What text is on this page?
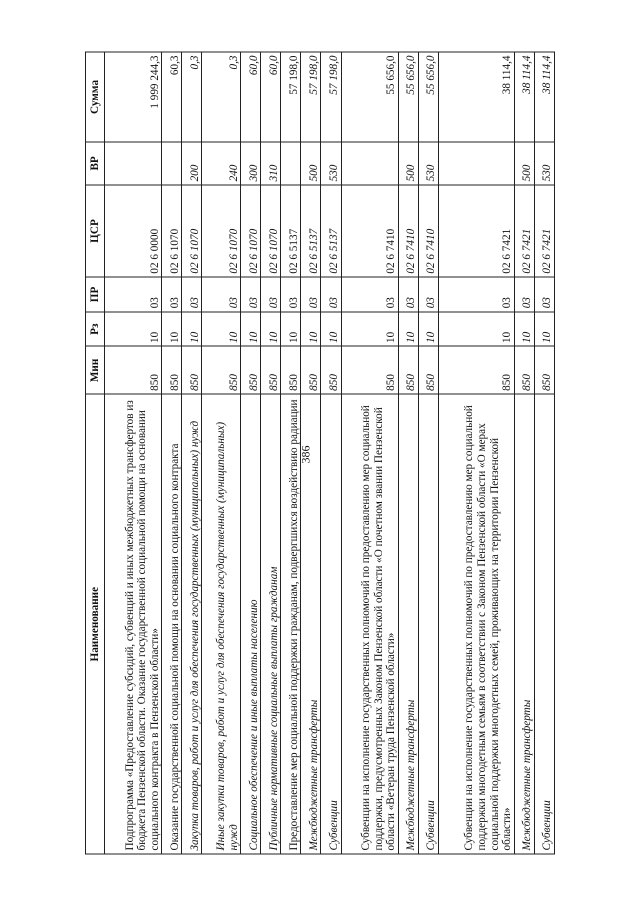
386
Наименование	Мин	Рз	ПР	ЦСР	ВР	Сумма
Подпрограмма «Предоставление субсидий, субвенций и иных межбюджетных трансфертов из бюджета Пензенской области. Оказание государственной социальной помощи на основании социального контракта в Пензенской области»	850	10	03	02 6 0000		1 999 244,3
Оказание государственной социальной помощи на основании социального контракта	850	10	03	02 6 1070		60,3
Закупка товаров, работ и услуг для обеспечения государственных (муниципальных) нужд	850	10	03	02 6 1070	200	0,3
Иные закупки товаров, работ и услуг для обеспечения государственных (муниципальных) нужд	850	10	03	02 6 1070	240	0,3
Социальное обеспечение и иные выплаты населению	850	10	03	02 6 1070	300	60,0
Публичные нормативные социальные выплаты гражданам	850	10	03	02 6 1070	310	60,0
Предоставление мер социальной поддержки гражданам, подвергшихся воздействию радиации	850	10	03	02 6 5137		57 198,0
Межбюджетные трансферты	850	10	03	02 6 5137	500	57 198,0
Субвенции	850	10	03	02 6 5137	530	57 198,0
Субвенции на исполнение государственных полномочий по предоставлению мер социальной поддержки, предусмотренных Законом Пензенской области «О почетном звании Пензенской области «Ветеран труда Пензенской области»	850	10	03	02 6 7410		55 656,0
Межбюджетные трансферты	850	10	03	02 6 7410	500	55 656,0
Субвенции	850	10	03	02 6 7410	530	55 656,0
Субвенции на исполнение государственных полномочий по предоставлению мер социальной поддержки многодетным семьям в соответствии с Законом Пензенской области «О мерах социальной поддержки многодетных семей, проживающих на территории Пензенской области»	850	10	03	02 6 7421		38 114,4
Межбюджетные трансферты	850	10	03	02 6 7421	500	38 114,4
Субвенции	850	10	03	02 6 7421	530	38 114,4
